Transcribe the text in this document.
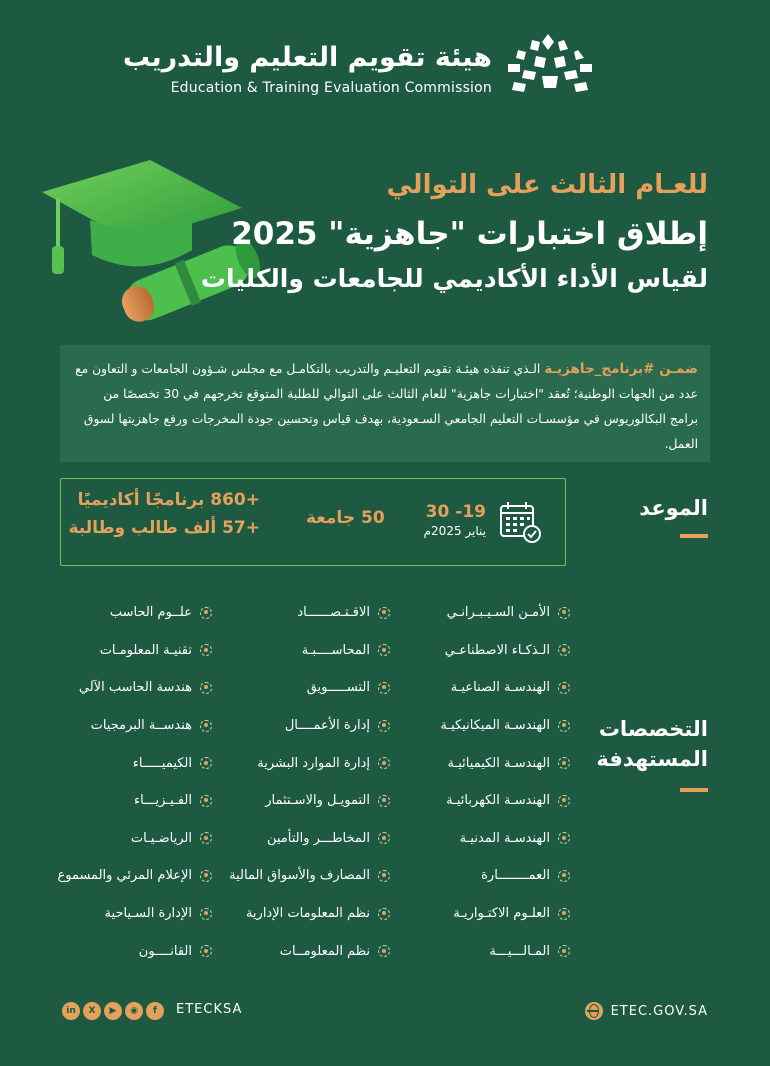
هيئة تقويم التعليم والتدريب
Education & Training Evaluation Commission
للعـام الثالث على التوالي
إطلاق اختبارات "جاهزية" 2025
لقياس الأداء الأكاديمي للجامعات والكليات
ضمـن #برنامج_جاهزيـة الـذي تنفذه هيئـة تقويم التعليـم والتدريب بالتكامـل مع مجلس شـؤون الجامعات و التعاون مع عدد من الجهات الوطنية؛ تُعقد "اختبارات جاهزية" للعام الثالث على التوالي للطلبة المتوقع تخرجهم في 30 تخصصًا من برامج البكالوريوس في مؤسسـات التعليم الجامعي السـعودية، بهدف قياس وتحسين جودة المخرجات ورفع جاهزيتها لسوق العمل.
الموعد
19- 30
يناير 2025م
50 جامعة
+860 برنامجًا أكاديميًا
+57 ألف طالب وطالبة
التخصصات
المستهدفة
الأمـن السـيـبـرانـي
الـذكـاء الاصطناعـي
الهندسـة الصناعيـة
الهندسـة الميكانيكيـة
الهندسـة الكيميائيـة
الهندسـة الكهربائيـة
الهندسـة المدنيـة
العمــــــــارة
العلـوم الاكتـواريـة
المـالـــيـــة
الاقـتـصــــــاد
المحاســــبـة
التســـــويق
إدارة الأعمــــال
إدارة الموارد البشرية
التمويـل والاسـتثمار
المخاطـــر والتأمين
المصارف والأسواق المالية
نظم المعلومات الإدارية
نظم المعلومــات
علــوم الحاسب
تقنيـة المعلومـات
هندسة الحاسب الآلي
هندســة البرمجيات
الكيميـــــاء
الفـيـزيـــاء
الرياضـيـات
الإعلام المرئي والمسموع
الإدارة السـياحية
القانــــون
in	X	▶	◉	f	ETECKSA	ETEC.GOV.SA
